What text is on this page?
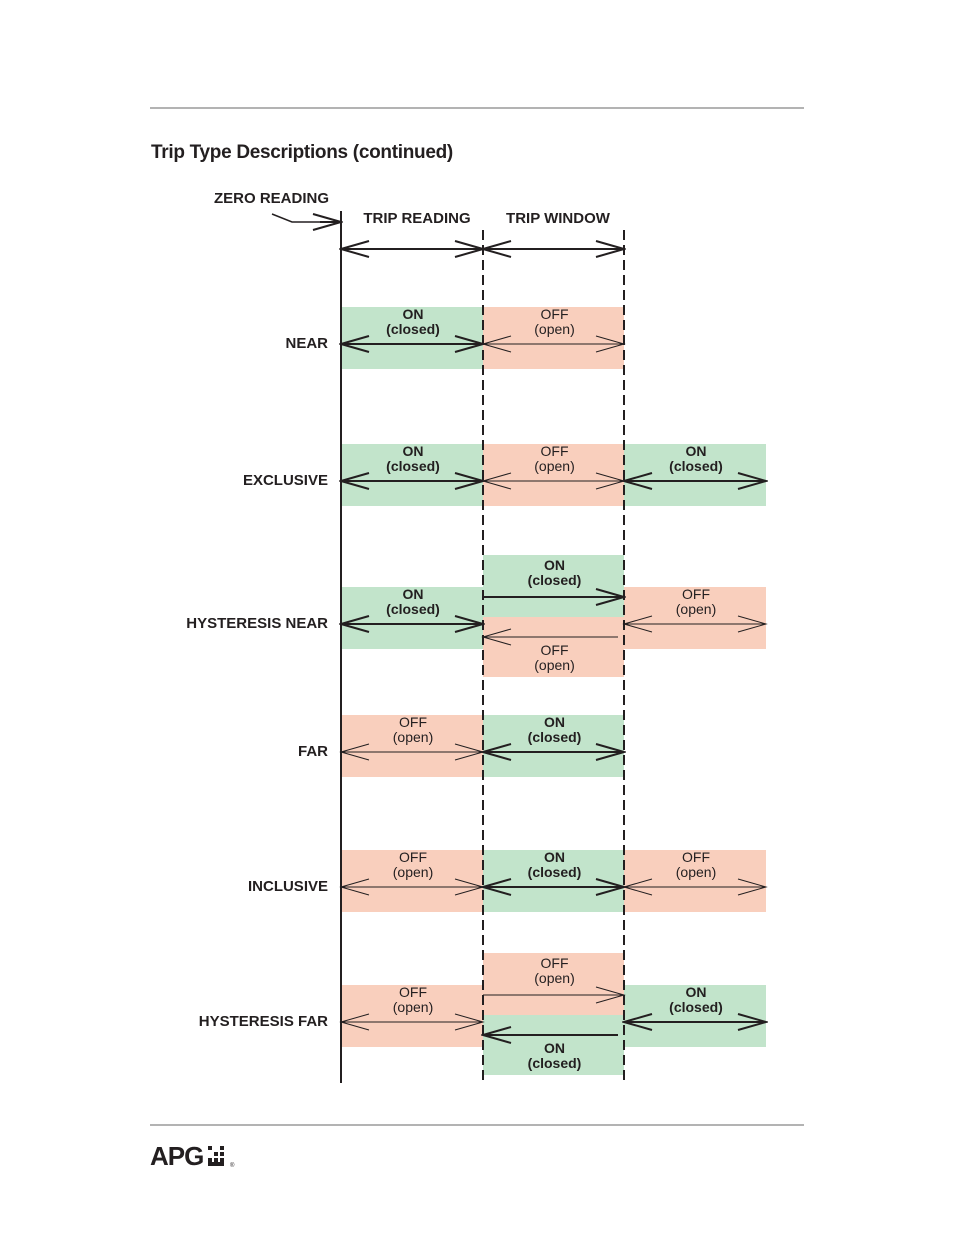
Trip Type Descriptions (continued)
ZERO READING
TRIP READING TRIP WINDOW
NEAR
ON
(closed)
OFF
(open)
EXCLUSIVE
ON
(closed)
OFF
(open)
ON
(closed)
HYSTERESIS NEAR
ON
(closed)
ON
(closed)
OFF
(open)
OFF
(open)
FAR
OFF
(open)
ON
(closed)
INCLUSIVE
OFF
(open)
ON
(closed)
OFF
(open)
HYSTERESIS FAR
OFF
(open)
OFF
(open)
ON
(closed)
ON
(closed)
APG	®
